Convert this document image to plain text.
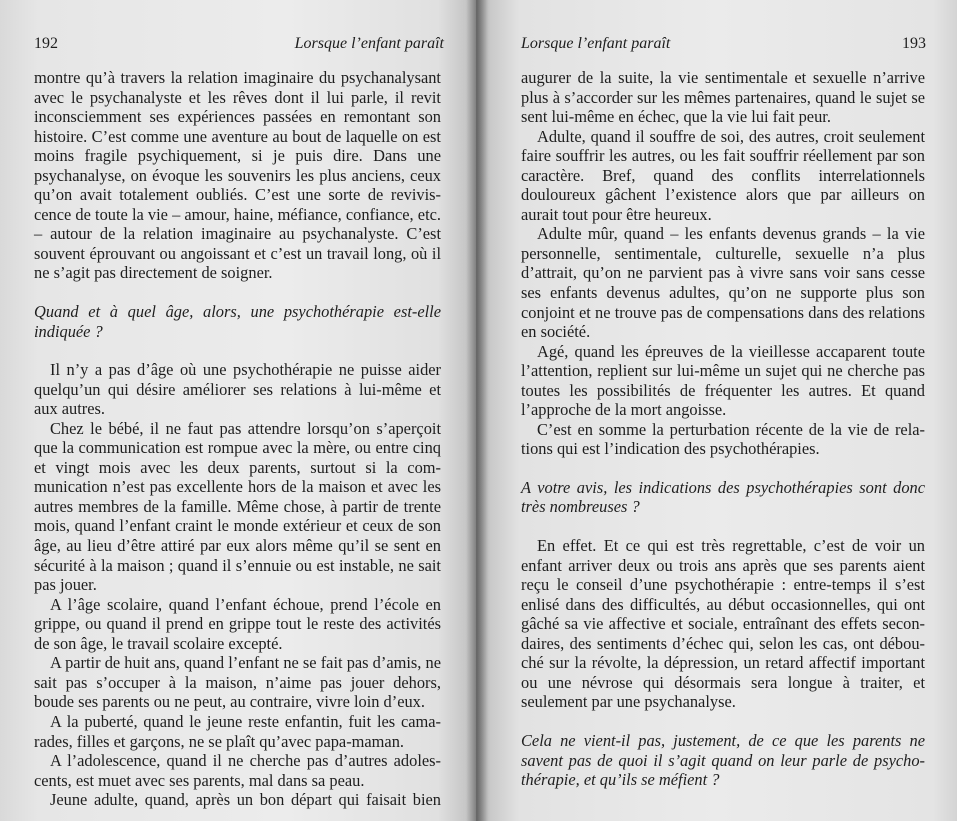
192	Lorsque l’enfant paraît

montre qu’à travers la relation imaginaire du psychanalysant avec le psychanalyste et les rêves dont il lui parle, il revit inconsciemment ses expériences passées en remontant son histoire. C’est comme une aventure au bout de laquelle on est moins fragile psychiquement, si je puis dire. Dans une psychanalyse, on évoque les souvenirs les plus anciens, ceux qu’on avait totalement oubliés. C’est une sorte de reviviscence de toute la vie – amour, haine, méfiance, confiance, etc. – autour de la relation imaginaire au psychanalyste. C’est souvent éprouvant ou angoissant et c’est un travail long, où il ne s’agit pas directement de soigner.

Quand et à quel âge, alors, une psychothérapie est-elle indiquée ?

Il n’y a pas d’âge où une psychothérapie ne puisse aider quelqu’un qui désire améliorer ses relations à lui-même et aux autres.

Chez le bébé, il ne faut pas attendre lorsqu’on s’aperçoit que la communication est rompue avec la mère, ou entre cinq et vingt mois avec les deux parents, surtout si la communication n’est pas excellente hors de la maison et avec les autres membres de la famille. Même chose, à partir de trente mois, quand l’enfant craint le monde extérieur et ceux de son âge, au lieu d’être attiré par eux alors même qu’il se sent en sécurité à la maison ; quand il s’ennuie ou est instable, ne sait pas jouer.

A l’âge scolaire, quand l’enfant échoue, prend l’école en grippe, ou quand il prend en grippe tout le reste des activités de son âge, le travail scolaire excepté.

A partir de huit ans, quand l’enfant ne se fait pas d’amis, ne sait pas s’occuper à la maison, n’aime pas jouer dehors, boude ses parents ou ne peut, au contraire, vivre loin d’eux.

A la puberté, quand le jeune reste enfantin, fuit les camarades, filles et garçons, ne se plaît qu’avec papa-maman.

A l’adolescence, quand il ne cherche pas d’autres adolescents, est muet avec ses parents, mal dans sa peau.

Jeune adulte, quand, après un bon départ qui faisait bien

Lorsque l’enfant paraît	193

augurer de la suite, la vie sentimentale et sexuelle n’arrive plus à s’accorder sur les mêmes partenaires, quand le sujet se sent lui-même en échec, que la vie lui fait peur.

Adulte, quand il souffre de soi, des autres, croit seulement faire souffrir les autres, ou les fait souffrir réellement par son caractère. Bref, quand des conflits interrelationnels douloureux gâchent l’existence alors que par ailleurs on aurait tout pour être heureux.

Adulte mûr, quand – les enfants devenus grands – la vie personnelle, sentimentale, culturelle, sexuelle n’a plus d’attrait, qu’on ne parvient pas à vivre sans voir sans cesse ses enfants devenus adultes, qu’on ne supporte plus son conjoint et ne trouve pas de compensations dans des relations en société.

Agé, quand les épreuves de la vieillesse accaparent toute l’attention, replient sur lui-même un sujet qui ne cherche pas toutes les possibilités de fréquenter les autres. Et quand l’approche de la mort angoisse.

C’est en somme la perturbation récente de la vie de relations qui est l’indication des psychothérapies.

A votre avis, les indications des psychothérapies sont donc très nombreuses ?

En effet. Et ce qui est très regrettable, c’est de voir un enfant arriver deux ou trois ans après que ses parents aient reçu le conseil d’une psychothérapie : entre-temps il s’est enlisé dans des difficultés, au début occasionnelles, qui ont gâché sa vie affective et sociale, entraînant des effets secondaires, des sentiments d’échec qui, selon les cas, ont débouché sur la révolte, la dépression, un retard affectif important ou une névrose qui désormais sera longue à traiter, et seulement par une psychanalyse.

Cela ne vient-il pas, justement, de ce que les parents ne savent pas de quoi il s’agit quand on leur parle de psychothérapie, et qu’ils se méfient ?
